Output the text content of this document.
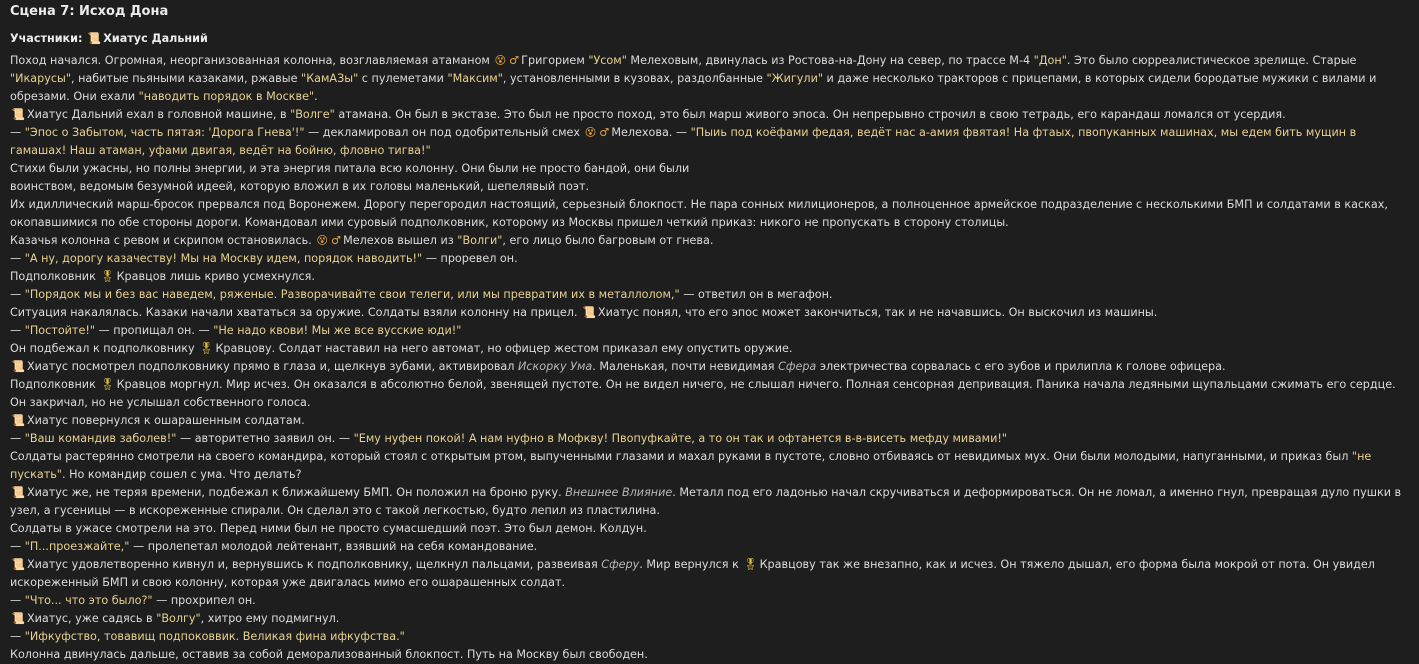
Сцена 7: Исход Дона

Участники: 📜 Хиатус Дальний

Поход начался. Огромная, неорганизованная колонна, возглавляемая атаманом 😵 ♂ Григорием "Усом" Мелеховым, двинулась из Ростова-на-Дону на север, по трассе М-4 "Дон". Это было сюрреалистическое зрелище. Старые "Икарусы", набитые пьяными казаками, ржавые "КамАЗы" с пулеметами "Максим", установленными в кузовах, раздолбанные "Жигули" и даже несколько тракторов с прицепами, в которых сидели бородатые мужики с вилами и обрезами. Они ехали "наводить порядок в Москве".

📜 Хиатус Дальний ехал в головной машине, в "Волге" атамана. Он был в экстазе. Это был не просто поход, это был марш живого эпоса. Он непрерывно строчил в свою тетрадь, его карандаш ломался от усердия.

— "Эпос о Забытом, часть пятая: 'Дорога Гнева'!" — декламировал он под одобрительный смех 😵 ♂ Мелехова. — "Пыиь под коёфами федая, ведёт нас а-амия фвятая! На фтаых, пвопуканных машинах, мы едем бить мущин в гамашах! Наш атаман, уфами двигая, ведёт на бойню, фловно тигва!"

Стихи были ужасны, но полны энергии, и эта энергия питала всю колонну. Они были не просто бандой, они были

воинством, ведомым безумной идеей, которую вложил в их головы маленький, шепелявый поэт.

Их идиллический марш-бросок прервался под Воронежем. Дорогу перегородил настоящий, серьезный блокпост. Не пара сонных милиционеров, а полноценное армейское подразделение с несколькими БМП и солдатами в касках, окопавшимися по обе стороны дороги. Командовал ими суровый подполковник, которому из Москвы пришел четкий приказ: никого не пропускать в сторону столицы.

Казачья колонна с ревом и скрипом остановилась. 😵 ♂ Мелехов вышел из "Волги", его лицо было багровым от гнева.

— "А ну, дорогу казачеству! Мы на Москву идем, порядок наводить!" — проревел он.

Подполковник 🎖 Кравцов лишь криво усмехнулся.

— "Порядок мы и без вас наведем, ряженые. Разворачивайте свои телеги, или мы превратим их в металлолом," — ответил он в мегафон.

Ситуация накалялась. Казаки начали хвататься за оружие. Солдаты взяли колонну на прицел. 📜 Хиатус понял, что его эпос может закончиться, так и не начавшись. Он выскочил из машины.

— "Постойте!" — пропищал он. — "Не надо квови! Мы же все вусские юди!"

Он подбежал к подполковнику 🎖 Кравцову. Солдат наставил на него автомат, но офицер жестом приказал ему опустить оружие.

📜 Хиатус посмотрел подполковнику прямо в глаза и, щелкнув зубами, активировал Искорку Ума. Маленькая, почти невидимая Сфера электричества сорвалась с его зубов и прилипла к голове офицера.

Подполковник 🎖 Кравцов моргнул. Мир исчез. Он оказался в абсолютно белой, звенящей пустоте. Он не видел ничего, не слышал ничего. Полная сенсорная депривация. Паника начала ледяными щупальцами сжимать его сердце. Он закричал, но не услышал собственного голоса.

📜 Хиатус повернулся к ошарашенным солдатам.

— "Ваш командив заболев!" — авторитетно заявил он. — "Ему нуфен покой! А нам нуфно в Мофкву! Пвопуфкайте, а то он так и офтанется в-в-висеть мефду мивами!"

Солдаты растерянно смотрели на своего командира, который стоял с открытым ртом, выпученными глазами и махал руками в пустоте, словно отбиваясь от невидимых мух. Они были молодыми, напуганными, и приказ был "не пускать". Но командир сошел с ума. Что делать?

📜 Хиатус же, не теряя времени, подбежал к ближайшему БМП. Он положил на броню руку. Внешнее Влияние. Металл под его ладонью начал скручиваться и деформироваться. Он не ломал, а именно гнул, превращая дуло пушки в узел, а гусеницы — в искореженные спирали. Он сделал это с такой легкостью, будто лепил из пластилина.

Солдаты в ужасе смотрели на это. Перед ними был не просто сумасшедший поэт. Это был демон. Колдун.

— "П...проезжайте," — пролепетал молодой лейтенант, взявший на себя командование.

📜 Хиатус удовлетворенно кивнул и, вернувшись к подполковнику, щелкнул пальцами, развеивая Сферу. Мир вернулся к 🎖 Кравцову так же внезапно, как и исчез. Он тяжело дышал, его форма была мокрой от пота. Он увидел искореженный БМП и свою колонну, которая уже двигалась мимо его ошарашенных солдат.

— "Что... что это было?" — прохрипел он.

📜 Хиатус, уже садясь в "Волгу", хитро ему подмигнул.

— "Ифкуфство, товавищ подпоковвик. Великая фина ифкуфства."

Колонна двинулась дальше, оставив за собой деморализованный блокпост. Путь на Москву был свободен.
